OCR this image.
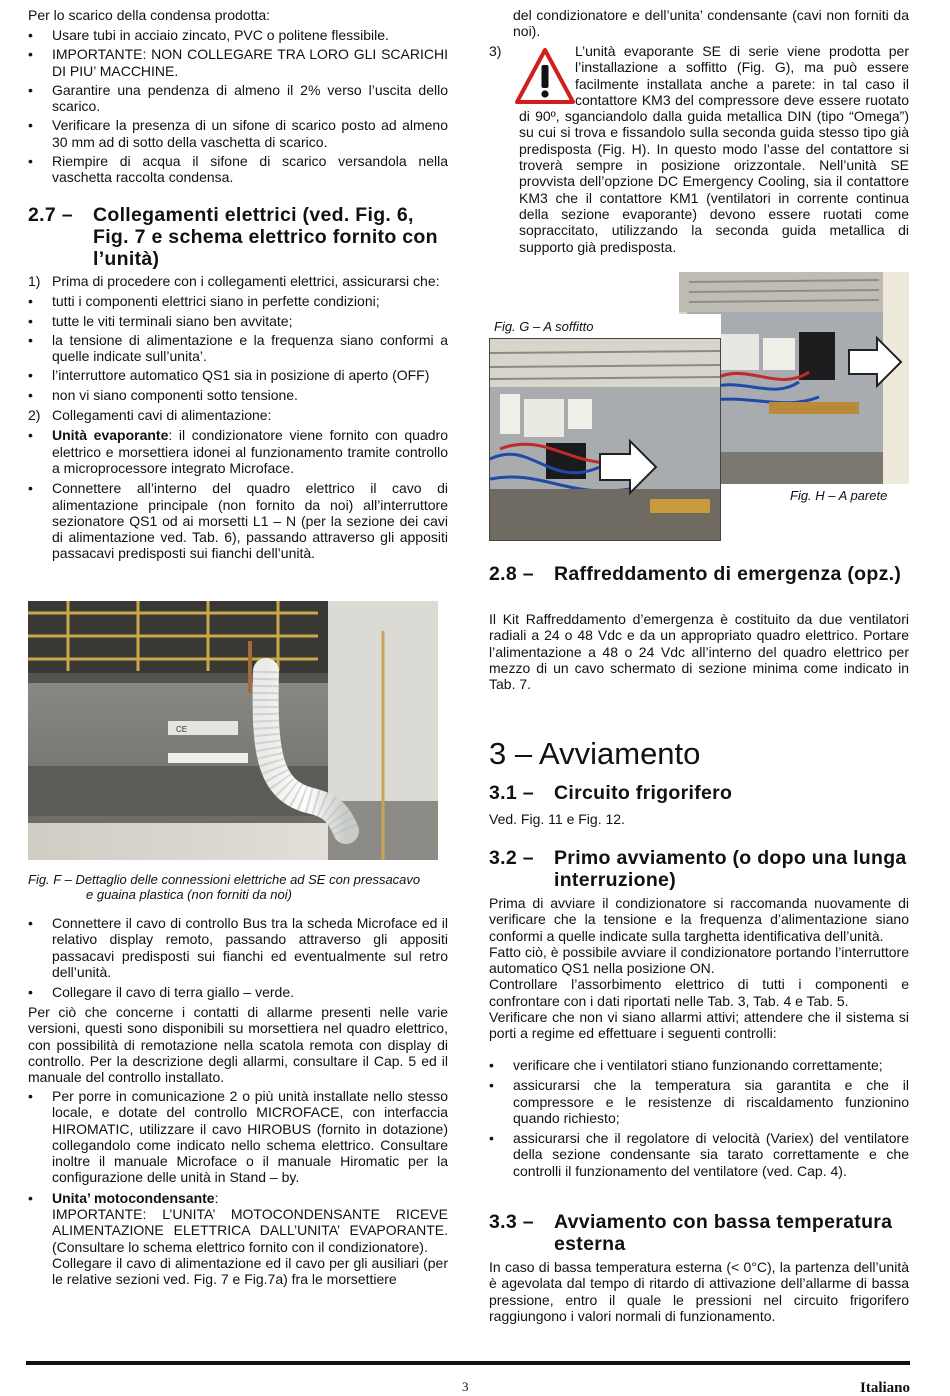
Per lo scarico della condensa prodotta:

• Usare tubi in acciaio zincato, PVC o politene flessibile.
• IMPORTANTE: NON COLLEGARE TRA LORO GLI SCARICHI DI PIU’ MACCHINE.
• Garantire una pendenza di almeno il 2% verso l’uscita dello scarico.
• Verificare la presenza di un sifone di scarico posto ad almeno 30 mm ad di sotto della vaschetta di scarico.
• Riempire di acqua il sifone di scarico versandola nella vaschetta raccolta condensa.
2.7 – Collegamenti elettrici (ved. Fig. 6, Fig. 7 e schema elettrico fornito con l’unità)
1) Prima di procedere con i collegamenti elettrici, assicurarsi che:
• tutti i componenti elettrici siano in perfette condizioni;
• tutte le viti terminali siano ben avvitate;
• la tensione di alimentazione e la frequenza siano conformi a quelle indicate sull’unita’.
• l’interruttore automatico QS1 sia in posizione di aperto (OFF)
• non vi siano componenti sotto tensione.
2) Collegamenti cavi di alimentazione:
• Unità evaporante: il condizionatore viene fornito con quadro elettrico e morsettiera idonei al funzionamento tramite controllo a microprocessore integrato Microface.
• Connettere all’interno del quadro elettrico il cavo di alimentazione principale (non fornito da noi) all’interruttore sezionatore QS1 od ai morsetti L1 – N (per la sezione dei cavi di alimentazione ved. Tab. 6), passando attraverso gli appositi passacavi predisposti sui fianchi dell’unità.
CE
Fig. F – Dettaglio delle connessioni elettriche ad SE con pressacavo
e guaina plastica (non forniti da noi)
• Connettere il cavo di controllo Bus tra la scheda Microface ed il relativo display remoto, passando attraverso gli appositi passacavi predisposti sui fianchi ed eventualmente sul retro dell’unità.
• Collegare il cavo di terra giallo – verde.

Per ciò che concerne i contatti di allarme presenti nelle varie versioni, questi sono disponibili su morsettiera nel quadro elettrico, con possibilità di remotazione nella scatola remota con display di controllo. Per la descrizione degli allarmi, consultare il Cap. 5 ed il manuale del controllo installato.

• Per porre in comunicazione 2 o più unità installate nello stesso locale, e dotate del controllo MICROFACE, con interfaccia HIROMATIC, utilizzare il cavo HIROBUS (fornito in dotazione) collegandolo come indicato nello schema elettrico. Consultare inoltre il manuale Microface o il manuale Hiromatic per la configurazione delle unità in Stand – by.
• Unita’ motocondensante:

IMPORTANTE: L’UNITA’ MOTOCONDENSANTE RICEVE ALIMENTAZIONE ELETTRICA DALL’UNITA’ EVAPORANTE. (Consultare lo schema elettrico fornito con il condizionatore).
Collegare il cavo di alimentazione ed il cavo per gli ausiliari (per le relative sezioni ved. Fig. 7 e Fig.7a) fra le morsettiere

del condizionatore e dell’unita’ condensante (cavi non forniti da noi).

3)	L’unità evaporante SE di serie viene prodotta per l’installazione a soffitto (Fig. G), ma può essere facilmente installata anche a parete: in tal caso il contattore KM3 del compressore deve essere ruotato di 90º, sganciandolo dalla guida metallica DIN (tipo “Omega”) su cui si trova e fissandolo sulla seconda guida stesso tipo già predisposta (Fig. H). In questo modo l’asse del contattore si troverà sempre in posizione orizzontale. Nell’unità SE provvista dell’opzione DC Emergency Cooling, sia il contattore KM3 che il contattore KM1 (ventilatori in corrente continua della sezione evaporante) devono essere ruotati come sopraccitato, utilizzando la seconda guida metallica di supporto già predisposta.
Fig. H – A parete
Fig. G – A soffitto
2.8 – Raffreddamento di emergenza (opz.)

Il Kit Raffreddamento d’emergenza è costituito da due ventilatori radiali a 24 o 48 Vdc e da un appropriato quadro elettrico. Portare l’alimentazione a 48 o 24 Vdc all’interno del quadro elettrico per mezzo di un cavo schermato di sezione minima come indicato in Tab. 7.

3 – Avviamento
3.1 – Circuito frigorifero

Ved. Fig. 11 e Fig. 12.

3.2 – Primo avviamento (o dopo una lunga interruzione)

Prima di avviare il condizionatore si raccomanda nuovamente di verificare che la tensione e la frequenza d’alimentazione siano conformi a quelle indicate sulla targhetta identificativa dell’unità.
Fatto ciò, è possibile avviare il condizionatore portando l’interruttore automatico QS1 nella posizione ON.
Controllare l’assorbimento elettrico di tutti i componenti e confrontare con i dati riportati nelle Tab. 3, Tab. 4 e Tab. 5.
Verificare che non vi siano allarmi attivi; attendere che il sistema si porti a regime ed effettuare i seguenti controlli:

• verificare che i ventilatori stiano funzionando correttamente;
• assicurarsi che la temperatura sia garantita e che il compressore e le resistenze di riscaldamento funzionino quando richiesto;
• assicurarsi che il regolatore di velocità (Variex) del ventilatore della sezione condensante sia tarato correttamente e che controlli il funzionamento del ventilatore (ved. Cap. 4).
3.3 – Avviamento con bassa temperatura esterna

In caso di bassa temperatura esterna (< 0°C), la partenza dell’unità è agevolata dal tempo di ritardo di attivazione dell’allarme di bassa pressione, entro il quale le pressioni nel circuito frigorifero raggiungono i valori normali di funzionamento.

3	Italiano
